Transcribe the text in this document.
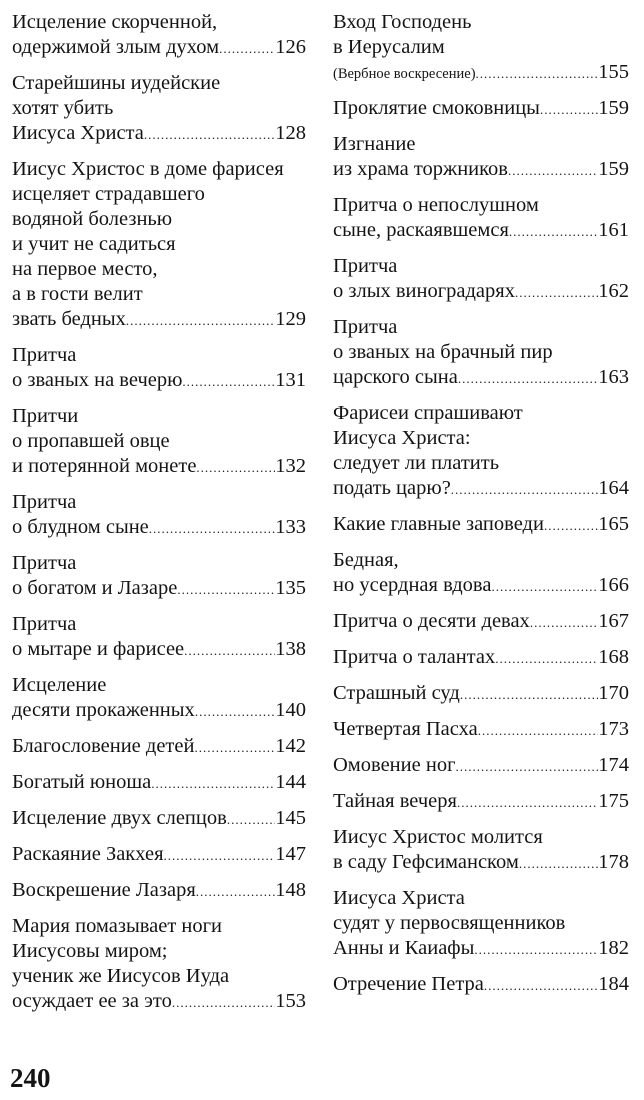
Исцеление скорченной,
одержимой злым духом .....	126
Старейшины иудейские
хотят убить
Иисуса Христа .....	128
Иисус Христос в доме фарисея
исцеляет страдавшего
водяной болезнью
и учит не садиться
на первое место,
а в гости велит
звать бедных .....	129
Притча
о званых на вечерю .....	131
Притчи
о пропавшей овце
и потерянной монете .....	132
Притча
о блудном сыне .....	133
Притча
о богатом и Лазаре .....	135
Притча
о мытаре и фарисее .....	138
Исцеление
десяти прокаженных .....	140
Благословение детей .....	142
Богатый юноша .....	144
Исцеление двух слепцов ..... 145
Раскаяние Закхея .....	147
Воскрешение Лазаря .....	148
Мария помазывает ноги
Иисусовы миром;
ученик же Иисусов Иуда
осуждает ее за это .....	153
Вход Господень
в Иерусалим
(Вербное воскресение) .....	155
Проклятие смоковницы .....	159
Изгнание
из храма торжников .....	159
Притча о непослушном
сыне, раскаявшемся .....	161
Притча
о злых виноградарях .....	162
Притча
о званых на брачный пир
царского сына .....	163
Фарисеи спрашивают
Иисуса Христа:
следует ли платить
подать царю? .....	164
Какие главные заповеди .....	165
Бедная,
но усердная вдова .....	166
Притча о десяти девах .....	167
Притча о талантах .....	168
Страшный суд .....	170
Четвертая Пасха .....	173
Омовение ног .....	174
Тайная вечеря .....	175
Иисус Христос молится
в саду Гефсиманском .....	178
Иисуса Христа
судят у первосвященников
Анны и Каиафы .....	182
Отречение Петра .....	184
240
